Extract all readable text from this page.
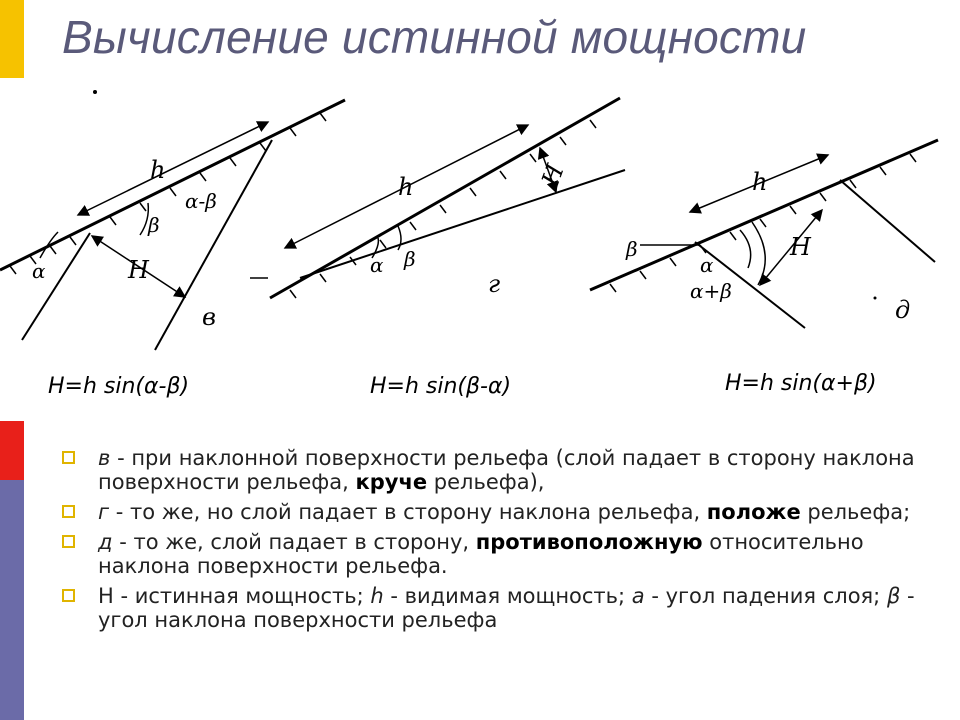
Вычисление истинной мощности
h
H
α
β
α-β
в
h	H
α β
г
h
H
β
α
α+β
д
H=h sin(α-β)	H=h sin(β-α)	H=h sin(α+β)
в - при наклонной поверхности рельефа (слой падает в сторону наклона поверхности рельефа, круче рельефа),
г - то же, но слой падает в сторону наклона рельефа, положе рельефа;
д - то же, слой падает в сторону, противоположную относительно наклона поверхности рельефа.
Н - истинная мощность; h - видимая мощность; а - угол падения слоя; β - угол наклона поверхности рельефа
